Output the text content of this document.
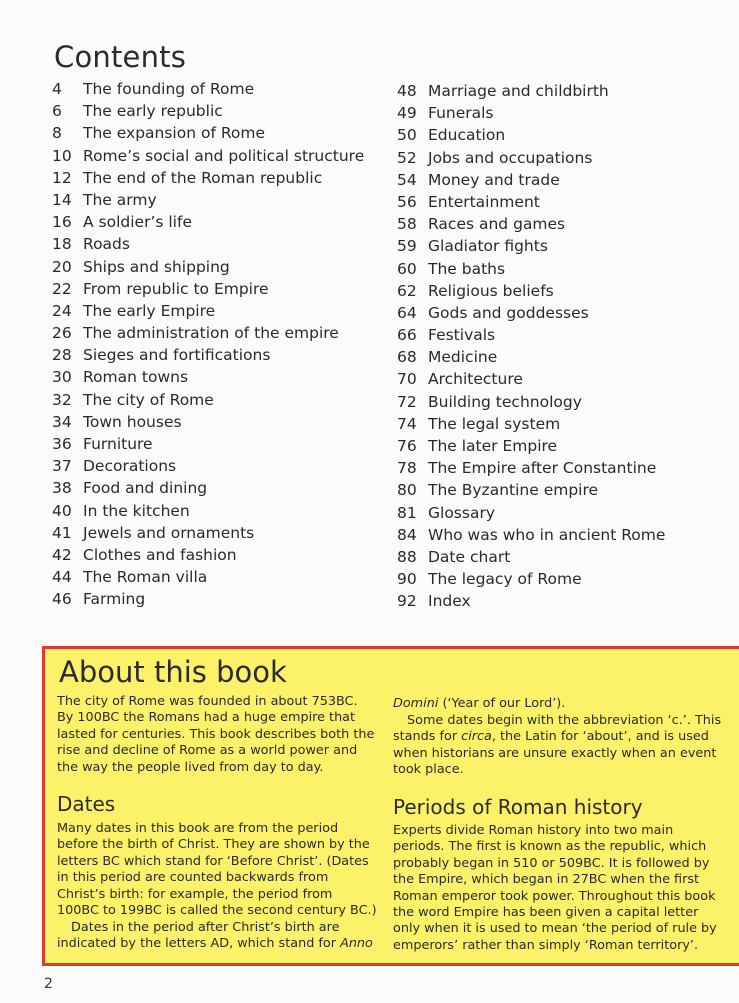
Contents
4	The founding of Rome
6	The early republic
8	The expansion of Rome
10 Rome’s social and political structure
12 The end of the Roman republic
14 The army
16 A soldier’s life
18 Roads
20 Ships and shipping
22 From republic to Empire
24 The early Empire
26 The administration of the empire
28 Sieges and fortifications
30 Roman towns
32 The city of Rome
34 Town houses
36 Furniture
37 Decorations
38 Food and dining
40 In the kitchen
41 Jewels and ornaments
42 Clothes and fashion
44 The Roman villa
46 Farming
48 Marriage and childbirth
49 Funerals
50 Education
52 Jobs and occupations
54 Money and trade
56 Entertainment
58 Races and games
59 Gladiator fights
60 The baths
62 Religious beliefs
64 Gods and goddesses
66 Festivals
68 Medicine
70 Architecture
72 Building technology
74 The legal system
76 The later Empire
78 The Empire after Constantine
80 The Byzantine empire
81 Glossary
84 Who was who in ancient Rome
88 Date chart
90 The legacy of Rome
92 Index
About this book

The city of Rome was founded in about 753BC. By 100BC the Romans had a huge empire that lasted for centuries. This book describes both the rise and decline of Rome as a world power and the way the people lived from day to day.

Dates

Many dates in this book are from the period before the birth of Christ. They are shown by the letters BC which stand for ‘Before Christ’. (Dates in this period are counted backwards from Christ’s birth: for example, the period from 100BC to 199BC is called the second century BC.)

Dates in the period after Christ’s birth are indicated by the letters AD, which stand for Anno

Domini (‘Year of our Lord’).

Some dates begin with the abbreviation ‘c.’. This stands for circa, the Latin for ‘about’, and is used when historians are unsure exactly when an event took place.

Periods of Roman history

Experts divide Roman history into two main periods. The first is known as the republic, which probably began in 510 or 509BC. It is followed by the Empire, which began in 27BC when the first Roman emperor took power. Throughout this book the word Empire has been given a capital letter only when it is used to mean ‘the period of rule by emperors’ rather than simply ‘Roman territory’.

2
